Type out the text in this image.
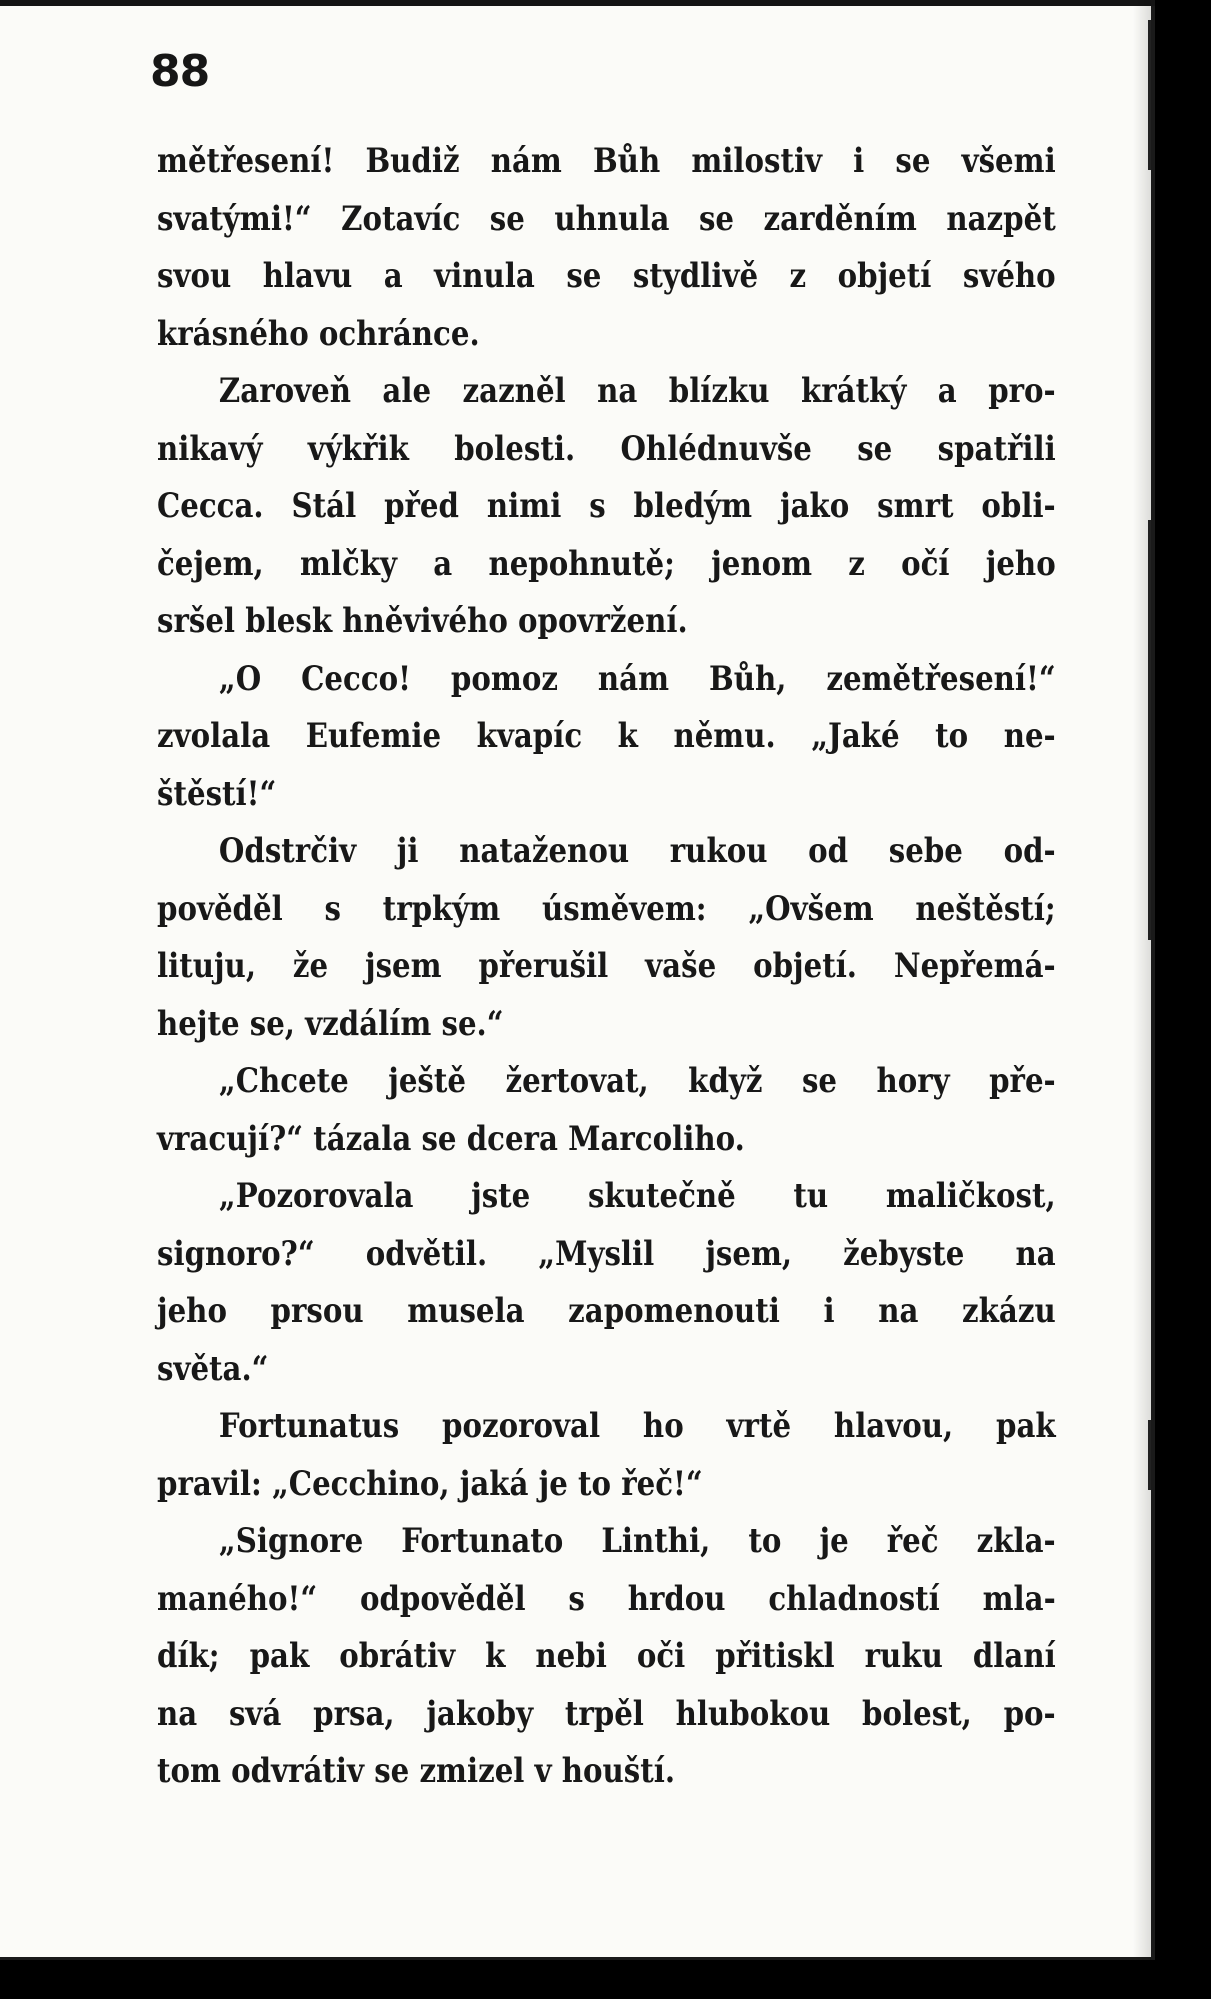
88
mětřesení! Budiž nám Bůh milostiv i se všemi
svatými!“ Zotavíc se uhnula se zarděním nazpět
svou hlavu a vinula se stydlivě z objetí svého
krásného ochránce.
Zaroveň ale zazněl na blízku krátký a pro-
nikavý výkřik bolesti. Ohlédnuvše se spatřili
Cecca. Stál před nimi s bledým jako smrt obli-
čejem, mlčky a nepohnutě; jenom z očí jeho
sršel blesk hněvivého opovržení.
„O Cecco! pomoz nám Bůh, zemětřesení!“
zvolala Eufemie kvapíc k němu. „Jaké to ne-
štěstí!“
Odstrčiv ji nataženou rukou od sebe od-
pověděl s trpkým úsměvem: „Ovšem neštěstí;
lituju, že jsem přerušil vaše objetí. Nepřemá-
hejte se, vzdálím se.“
„Chcete ještě žertovat, když se hory pře-
vracují?“ tázala se dcera Marcoliho.
„Pozorovala jste skutečně tu maličkost,
signoro?“ odvětil. „Myslil jsem, žebyste na
jeho prsou musela zapomenouti i na zkázu
světa.“
Fortunatus pozoroval ho vrtě hlavou, pak
pravil: „Cecchino, jaká je to řeč!“
„Signore Fortunato Linthi, to je řeč zkla-
maného!“ odpověděl s hrdou chladností mla-
dík; pak obrátiv k nebi oči přitiskl ruku dlaní
na svá prsa, jakoby trpěl hlubokou bolest, po-
tom odvrátiv se zmizel v houští.
